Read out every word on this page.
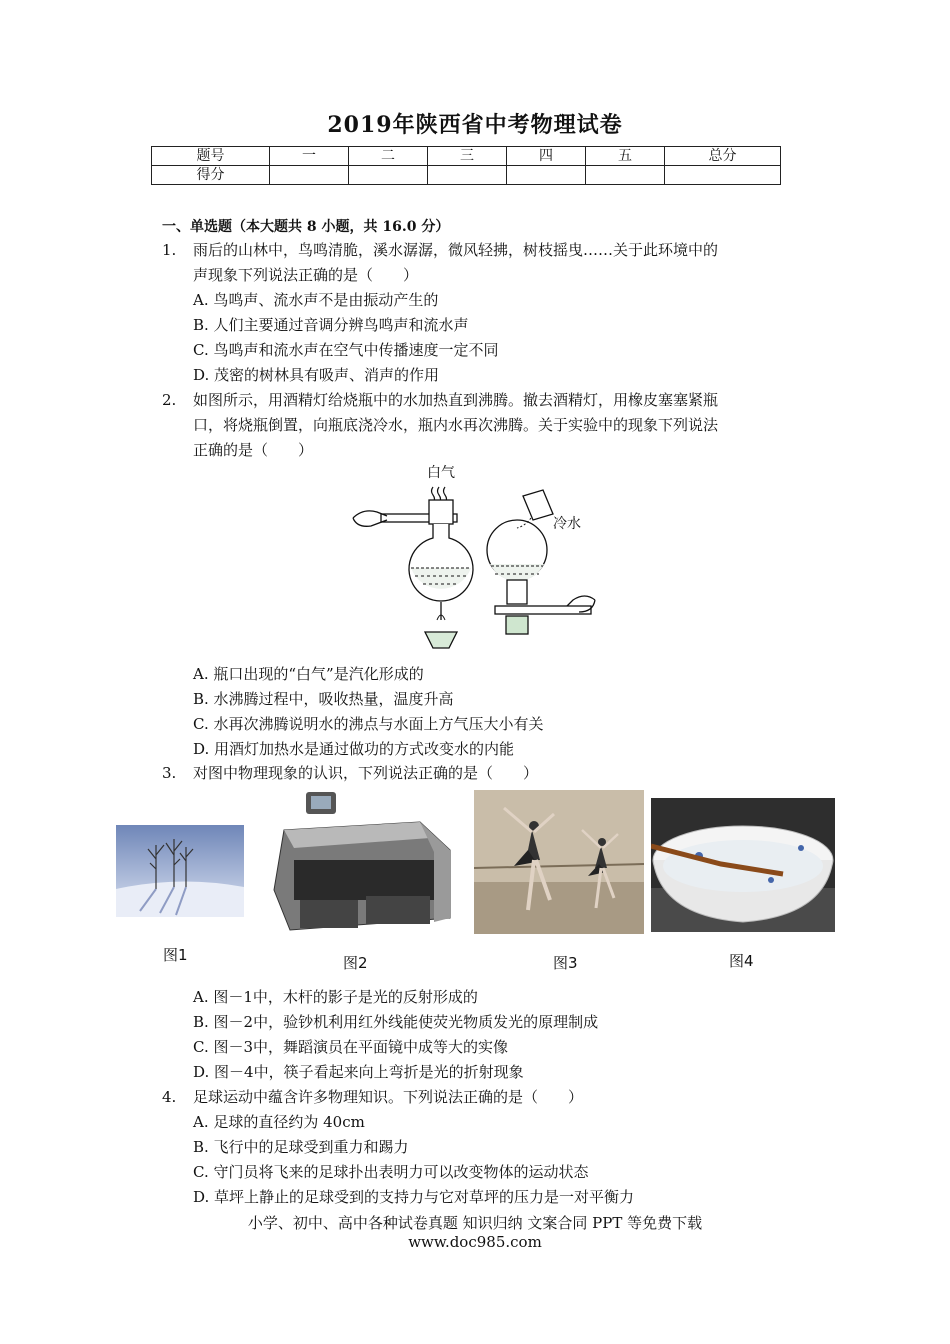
2019年陕西省中考物理试卷
题号	一	二	三	四	五	总分
得分						
一、单选题（本大题共 8 小题，共 16.0 分）
1. 雨后的山林中，鸟鸣清脆，溪水潺潺，微风轻拂，树枝摇曳……关于此环境中的
声现象下列说法正确的是（　　）
A. 鸟鸣声、流水声不是由振动产生的
B. 人们主要通过音调分辨鸟鸣声和流水声
C. 鸟鸣声和流水声在空气中传播速度一定不同
D. 茂密的树林具有吸声、消声的作用
2. 如图所示，用酒精灯给烧瓶中的水加热直到沸腾。撤去酒精灯，用橡皮塞塞紧瓶
口，将烧瓶倒置，向瓶底浇冷水，瓶内水再次沸腾。关于实验中的现象下列说法
正确的是（　　）
白气
冷水
A. 瓶口出现的“白气”是汽化形成的
B. 水沸腾过程中，吸收热量，温度升高
C. 水再次沸腾说明水的沸点与水面上方气压大小有关
D. 用酒灯加热水是通过做功的方式改变水的内能
3. 对图中物理现象的认识，下列说法正确的是（　　）
图1	图2	图3	图4
A. 图－1中，木杆的影子是光的反射形成的
B. 图－2中，验钞机利用红外线能使荧光物质发光的原理制成
C. 图－3中，舞蹈演员在平面镜中成等大的实像
D. 图－4中，筷子看起来向上弯折是光的折射现象
4. 足球运动中蕴含许多物理知识。下列说法正确的是（　　）
A. 足球的直径约为 40cm
B. 飞行中的足球受到重力和踢力
C. 守门员将飞来的足球扑出表明力可以改变物体的运动状态
D. 草坪上静止的足球受到的支持力与它对草坪的压力是一对平衡力
小学、初中、高中各种试卷真题 知识归纳 文案合同 PPT 等免费下载
www.doc985.com
